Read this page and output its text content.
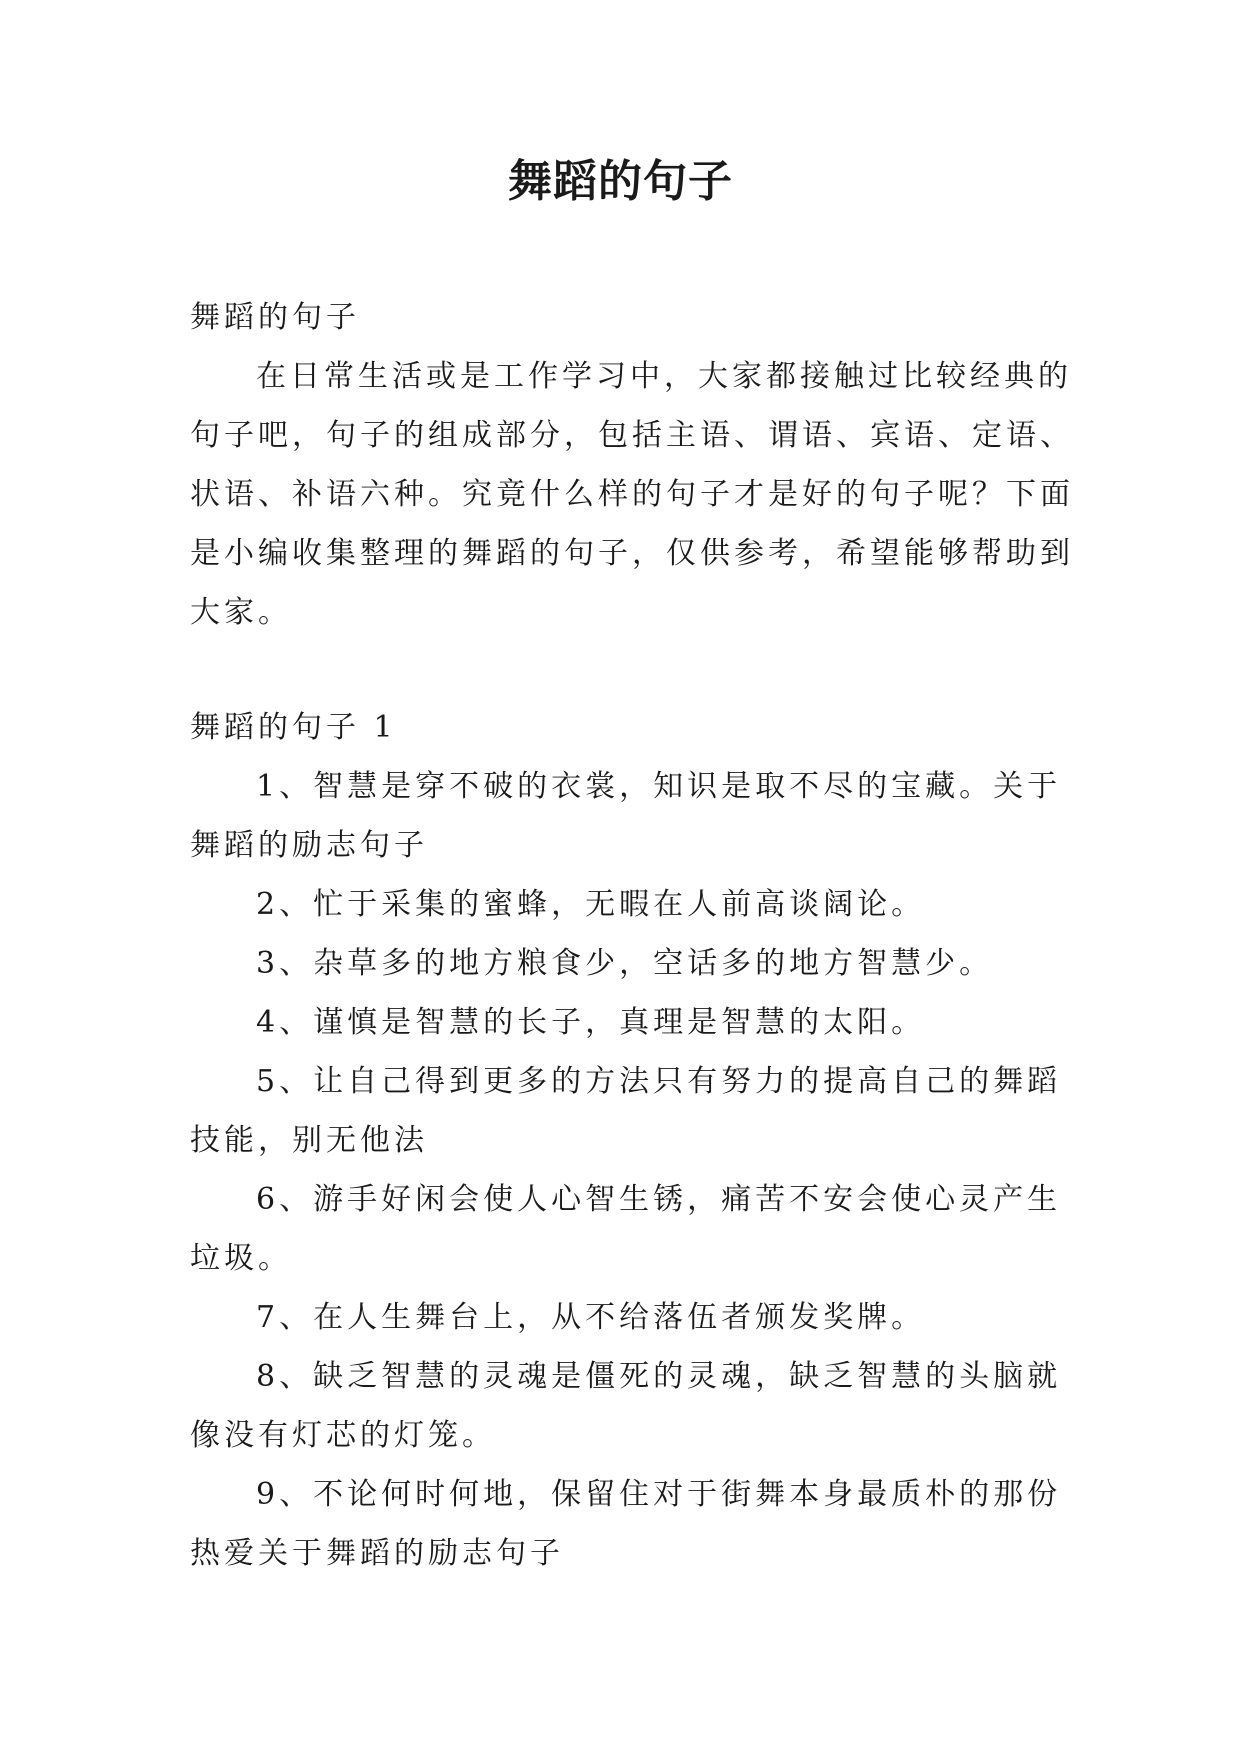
舞蹈的句子

舞蹈的句子

在日常生活或是工作学习中，大家都接触过比较经典的

句子吧，句子的组成部分，包括主语、谓语、宾语、定语、

状语、补语六种。究竟什么样的句子才是好的句子呢？下面

是小编收集整理的舞蹈的句子，仅供参考，希望能够帮助到

大家。

舞蹈的句子 1

1、智慧是穿不破的衣裳，知识是取不尽的宝藏。关于

舞蹈的励志句子

2、忙于采集的蜜蜂，无暇在人前高谈阔论。

3、杂草多的地方粮食少，空话多的地方智慧少。

4、谨慎是智慧的长子，真理是智慧的太阳。

5、让自己得到更多的方法只有努力的提高自己的舞蹈

技能，别无他法

6、游手好闲会使人心智生锈，痛苦不安会使心灵产生

垃圾。

7、在人生舞台上，从不给落伍者颁发奖牌。

8、缺乏智慧的灵魂是僵死的灵魂，缺乏智慧的头脑就

像没有灯芯的灯笼。

9、不论何时何地，保留住对于街舞本身最质朴的那份

热爱关于舞蹈的励志句子
